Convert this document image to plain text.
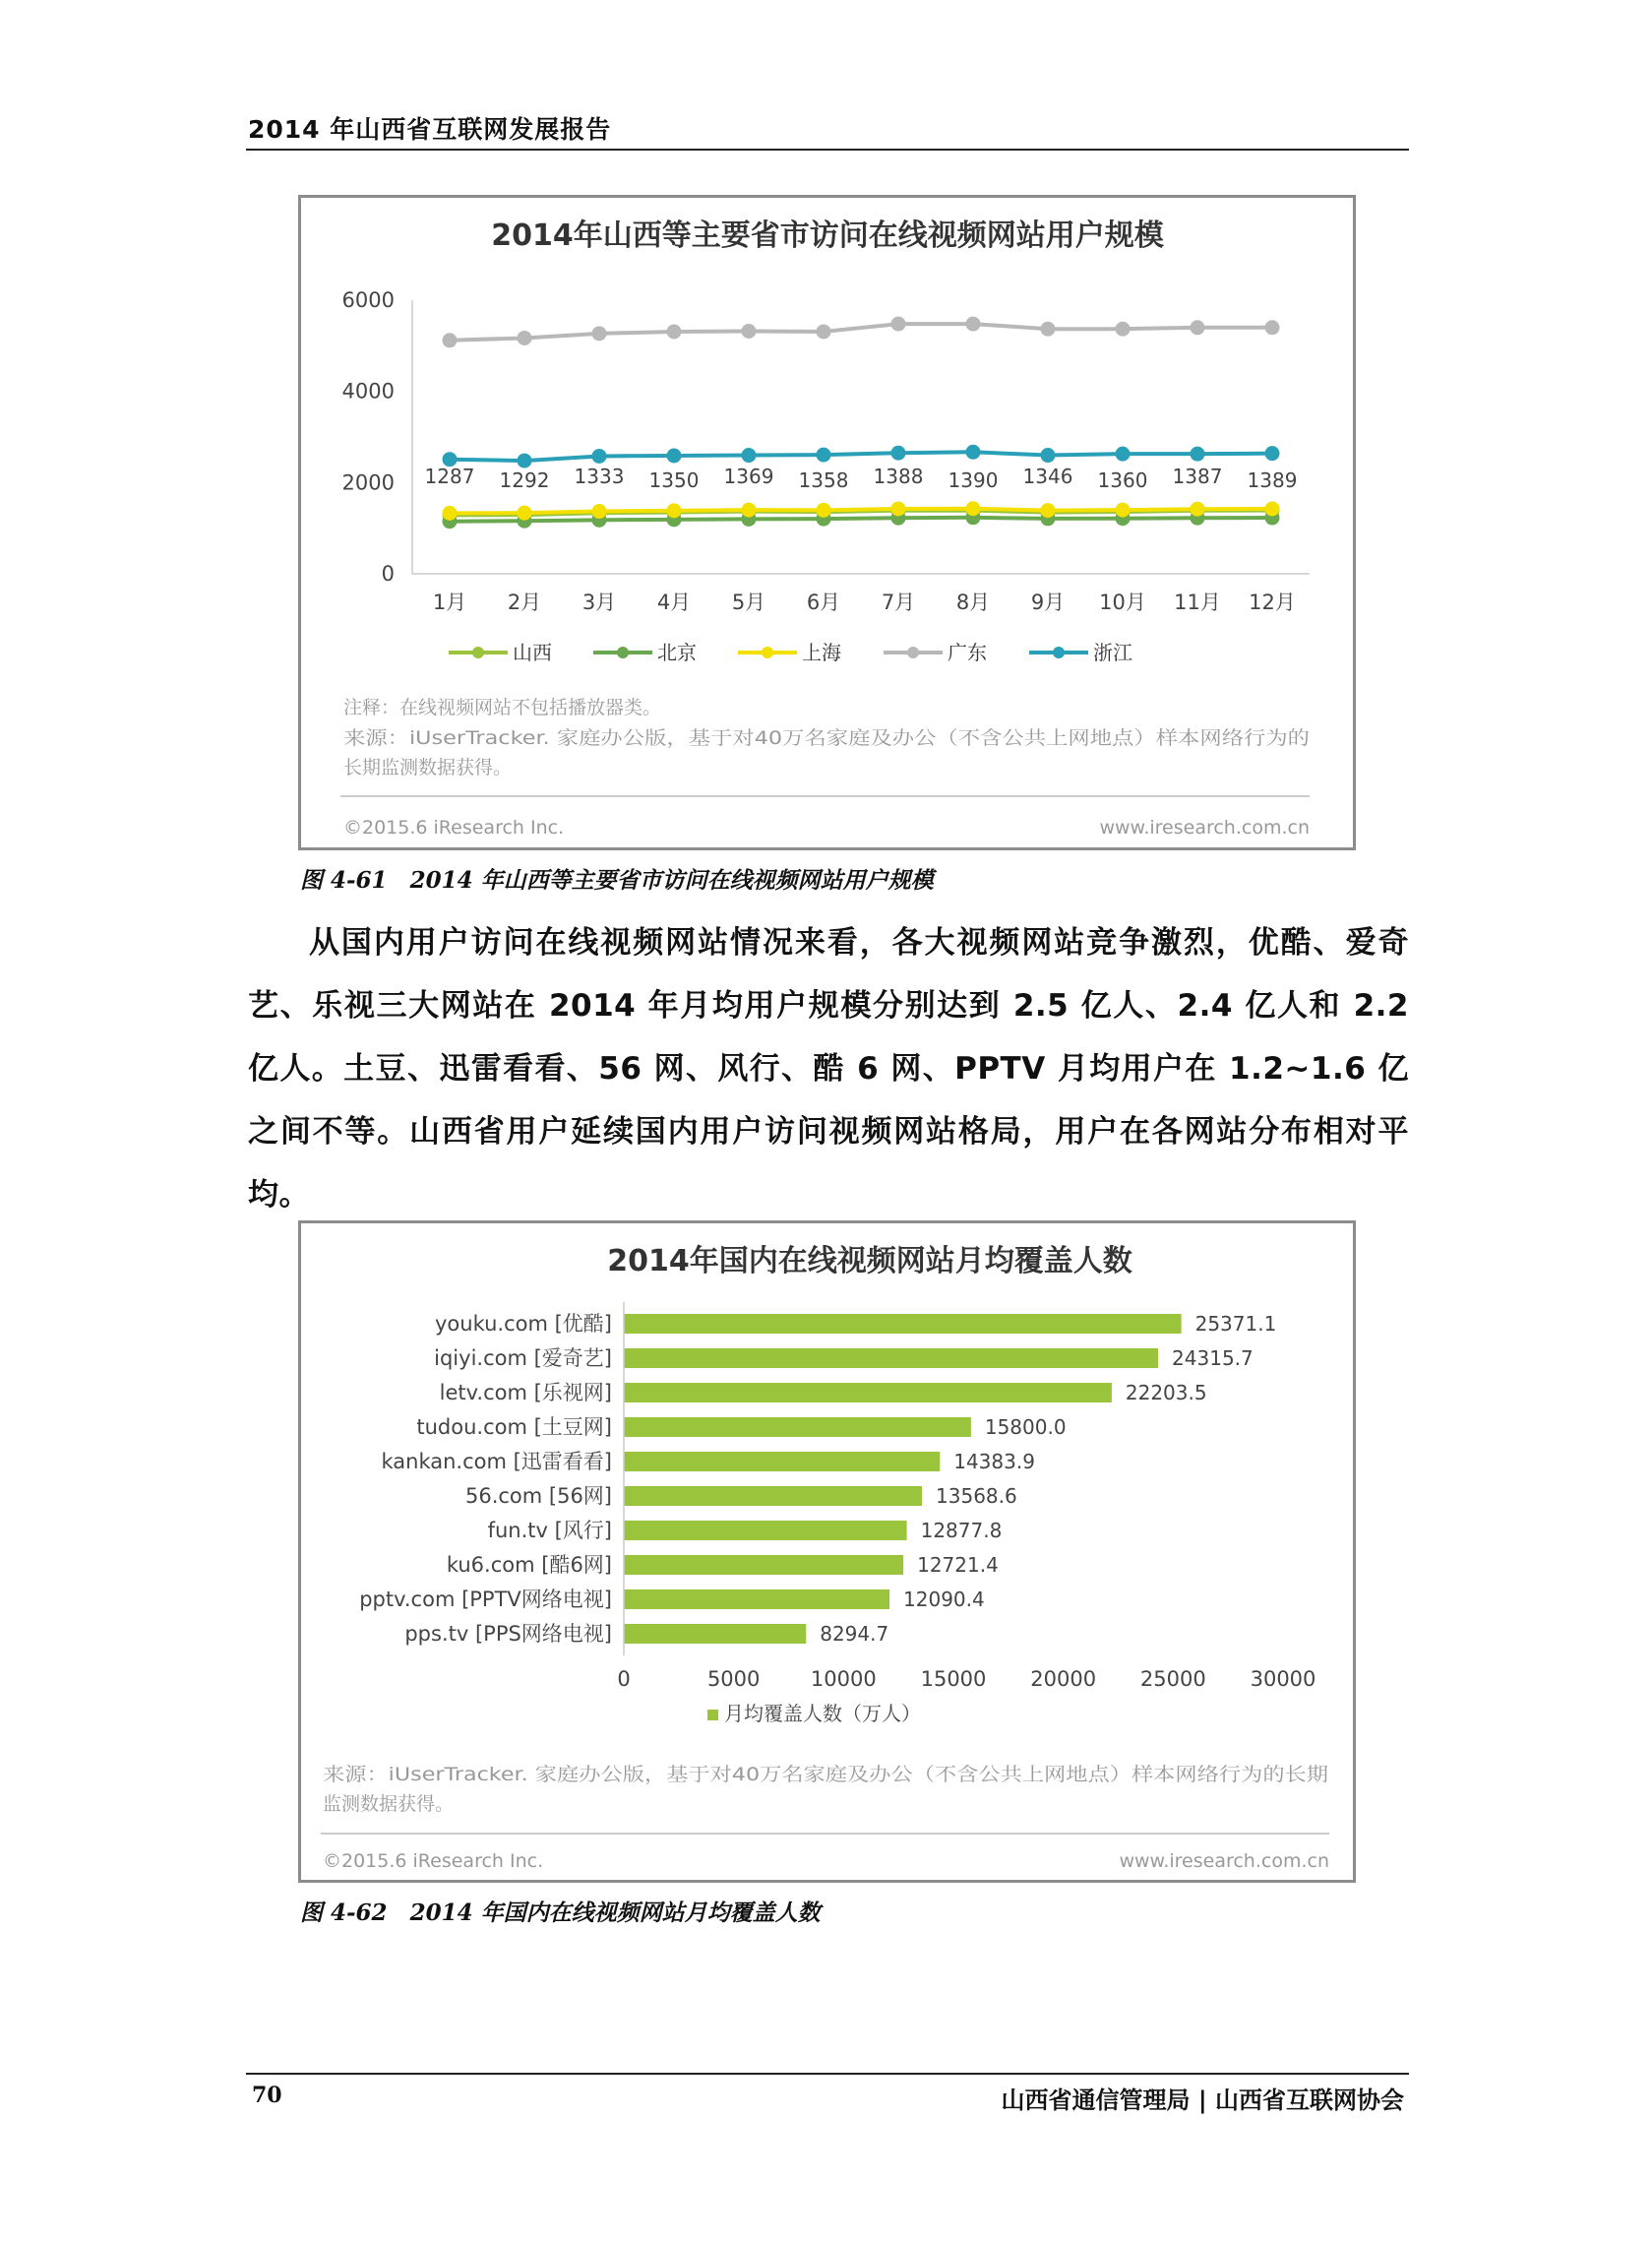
2014 年山西省互联网发展报告
2014年山西等主要省市访问在线视频网站用户规模
0
2000
4000
6000
1月 2月 3月 4月 5月 6月 7月 8月 9月 10月 11月 12月
1287 1292 1333 1350 1369 1358 1388 1390 1346 1360 1387 1389
山西	北京	上海	广东	浙江
注释：在线视频网站不包括播放器类。
来源：iUserTracker. 家庭办公版，基于对40万名家庭及办公（不含公共上网地点）样本网络行为的
长期监测数据获得。
©2015.6 iResearch Inc.	www.iresearch.com.cn
图 4-61　2014 年山西等主要省市访问在线视频网站用户规模
从国内用户访问在线视频网站情况来看，各大视频网站竞争激烈，优酷、爱奇艺、乐视三大网站在 2014 年月均用户规模分别达到 2.5 亿人、2.4 亿人和 2.2 亿人。土豆、迅雷看看、56 网、风行、酷 6 网、PPTV 月均用户在 1.2~1.6 亿之间不等。山西省用户延续国内用户访问视频网站格局，用户在各网站分布相对平均。
2014年国内在线视频网站月均覆盖人数
youku.com [优酷]	25371.1
iqiyi.com [爱奇艺]	24315.7
letv.com [乐视网]	22203.5
tudou.com [土豆网]	15800.0
kankan.com [迅雷看看]	14383.9
56.com [56网]	13568.6
fun.tv [风行]	12877.8
ku6.com [酷6网]	12721.4
pptv.com [PPTV网络电视]	12090.4
pps.tv [PPS网络电视]	8294.7
0	5000 10000 15000 20000 25000 30000
月均覆盖人数（万人）
来源：iUserTracker. 家庭办公版，基于对40万名家庭及办公（不含公共上网地点）样本网络行为的长期
监测数据获得。
©2015.6 iResearch Inc.	www.iresearch.com.cn
图 4-62　2014 年国内在线视频网站月均覆盖人数
70	山西省通信管理局 | 山西省互联网协会
